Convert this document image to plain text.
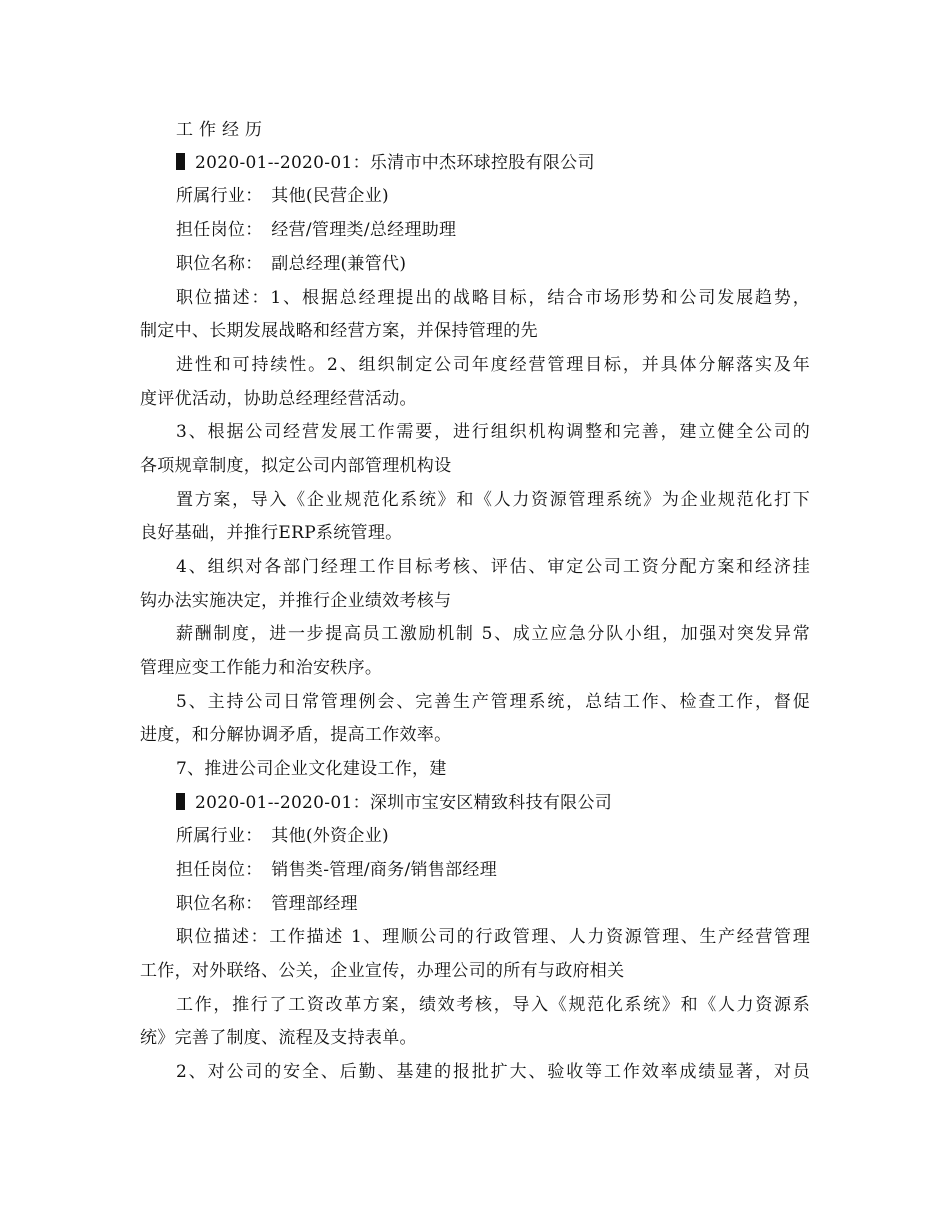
工 作 经 历
2020-01--2020-01：乐清市中杰环球控股有限公司
所属行业：　其他(民营企业)
担任岗位：　经营/管理类/总经理助理
职位名称：　副总经理(兼管代)
职位描述：1、根据总经理提出的战略目标，结合市场形势和公司发展趋势，
制定中、长期发展战略和经营方案，并保持管理的先
进性和可持续性。2、组织制定公司年度经营管理目标，并具体分解落实及年
度评优活动，协助总经理经营活动。
3、根据公司经营发展工作需要，进行组织机构调整和完善，建立健全公司的
各项规章制度，拟定公司内部管理机构设
置方案，导入《企业规范化系统》和《人力资源管理系统》为企业规范化打下
良好基础，并推行ERP系统管理。
4、组织对各部门经理工作目标考核、评估、审定公司工资分配方案和经济挂
钩办法实施决定，并推行企业绩效考核与
薪酬制度，进一步提高员工激励机制 5、成立应急分队小组，加强对突发异常
管理应变工作能力和治安秩序。
5、主持公司日常管理例会、完善生产管理系统，总结工作、检查工作，督促
进度，和分解协调矛盾，提高工作效率。
7、推进公司企业文化建设工作，建
2020-01--2020-01：深圳市宝安区精致科技有限公司
所属行业：　其他(外资企业)
担任岗位：　销售类-管理/商务/销售部经理
职位名称：　管理部经理
职位描述：工作描述 1、理顺公司的行政管理、人力资源管理、生产经营管理
工作，对外联络、公关，企业宣传，办理公司的所有与政府相关
工作，推行了工资改革方案，绩效考核，导入《规范化系统》和《人力资源系
统》完善了制度、流程及支持表单。
2、对公司的安全、后勤、基建的报批扩大、验收等工作效率成绩显著，对员
